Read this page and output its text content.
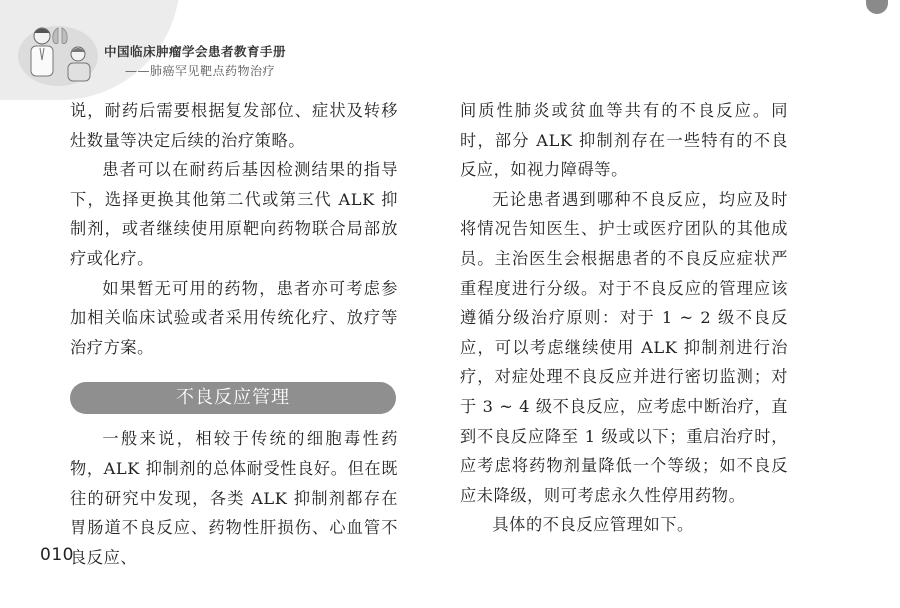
中国临床肿瘤学会患者教育手册
——肺癌罕见靶点药物治疗

说，耐药后需要根据复发部位、症状及转移灶数量等决定后续的治疗策略。

患者可以在耐药后基因检测结果的指导下，选择更换其他第二代或第三代 ALK 抑制剂，或者继续使用原靶向药物联合局部放疗或化疗。

如果暂无可用的药物，患者亦可考虑参加相关临床试验或者采用传统化疗、放疗等治疗方案。

不良反应管理

一般来说，相较于传统的细胞毒性药物，ALK 抑制剂的总体耐受性良好。但在既往的研究中发现，各类 ALK 抑制剂都存在胃肠道不良反应、药物性肝损伤、心血管不良反应、

间质性肺炎或贫血等共有的不良反应。同时，部分 ALK 抑制剂存在一些特有的不良反应，如视力障碍等。

无论患者遇到哪种不良反应，均应及时将情况告知医生、护士或医疗团队的其他成员。主治医生会根据患者的不良反应症状严重程度进行分级。对于不良反应的管理应该遵循分级治疗原则：对于 1 ~ 2 级不良反应，可以考虑继续使用 ALK 抑制剂进行治疗，对症处理不良反应并进行密切监测；对于 3 ~ 4 级不良反应，应考虑中断治疗，直到不良反应降至 1 级或以下；重启治疗时，应考虑将药物剂量降低一个等级；如不良反应未降级，则可考虑永久性停用药物。

具体的不良反应管理如下。

010
